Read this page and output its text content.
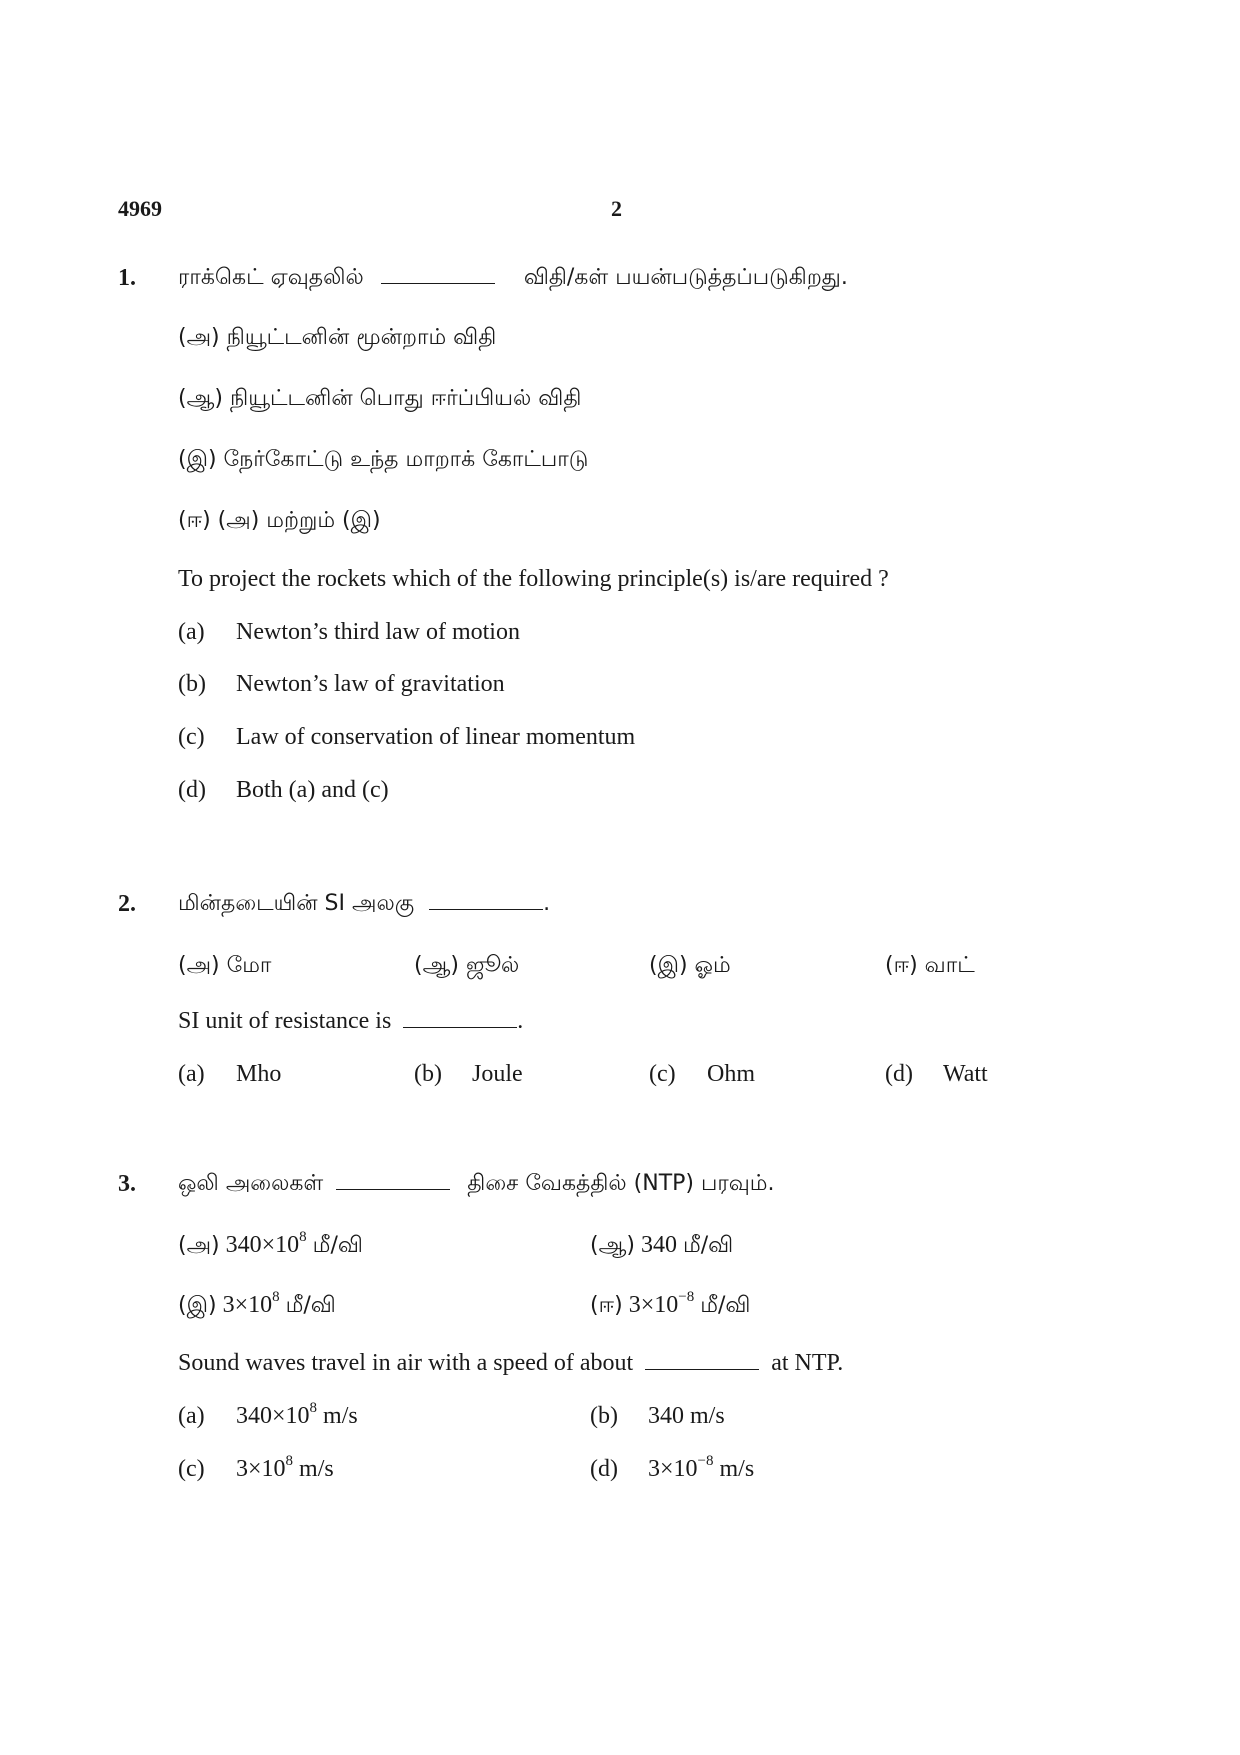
4969	2
1. ராக்கெட் ஏவுதலில்	விதி/கள் பயன்படுத்தப்படுகிறது.
(அ) நியூட்டனின் மூன்றாம் விதி
(ஆ) நியூட்டனின் பொது ஈர்ப்பியல் விதி
(இ) நேர்கோட்டு உந்த மாறாக் கோட்பாடு
(ஈ) (அ) மற்றும் (இ)
To project the rockets which of the following principle(s) is/are required ?
(a) Newton’s third law of motion
(b) Newton’s law of gravitation
(c) Law of conservation of linear momentum
(d) Both (a) and (c)
2. மின்தடையின் SI அலகு	.
(அ) மோ	(ஆ) ஜூல்	(இ) ஓம்	(ஈ) வாட்
SI unit of resistance is	.
(a) Mho	(b) Joule	(c) Ohm	(d) Watt
3. ஒலி அலைகள்	திசை வேகத்தில் (NTP) பரவும்.
(அ) $340\times 10^8$ மீ/வி	(ஆ) 340 மீ/வி
(இ) $3\times 10^8$ மீ/வி	(ஈ) $3\times 10^{-8}$ மீ/வி
Sound waves travel in air with a speed of about	at NTP.
(a) $340\times 10^8$ m/s	(b) 340 m/s
(c) $3\times 10^8$ m/s	(d) $3\times 10^{-8}$ m/s
